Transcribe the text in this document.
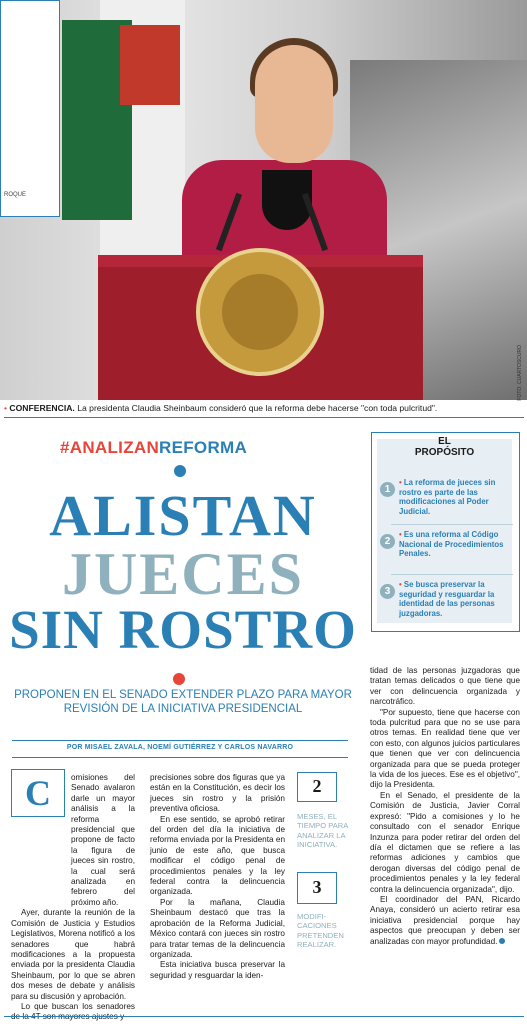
ROQUE
FOTO: CUARTOSCURO
• CONFERENCIA. La presidenta Claudia Sheinbaum consideró que la reforma debe hacerse "con toda pulcritud".
#ANALIZANREFORMA
ALISTAN
JUECES
SIN ROSTRO
PROPONEN EN EL SENADO EXTENDER PLAZO PARA MAYOR REVISIÓN DE LA INICIATIVA PRESIDENCIAL
POR MISAEL ZAVALA, NOEMÍ GUTIÉRREZ Y CARLOS NAVARRO
EL
PROPÓSITO
1
• La reforma de jueces sin rostro es parte de las modificaciones al Poder Judicial.
2
• Es una reforma al Código Nacional de Procedimientos Penales.
3
• Se busca preservar la seguridad y resguardar la identidad de las personas juzgadoras.
C	omisiones del Senado avalaron darle un mayor análisis a la reforma presidencial que propone de facto la figura de jueces sin rostro, la cual será analizada en febrero del próximo año.

Ayer, durante la reunión de la Comisión de Justicia y Estudios Legislativos, Morena notificó a los senadores que habrá modificaciones a la propuesta enviada por la presidenta Claudia Sheinbaum, por lo que se abren dos meses de debate y análisis para su discusión y aprobación.

Lo que buscan los senadores

precisiones sobre dos figuras que ya están en la Constitución, es decir los jueces sin rostro y la prisión preventiva oficiosa.

En ese sentido, se aprobó retirar del orden del día la iniciativa de reforma enviada por la Presidenta en junio de este año, que busca modificar el código penal de procedimientos penales y la ley federal contra la delincuencia organizada.

Por la mañana, Claudia Sheinbaum destacó que tras la aprobación de la Reforma Judicial, México contará con jueces sin rostro para tratar temas de la delincuencia organizada.

Esta iniciativa busca preservar la seguridad y resguardar la iden-

2
MESES, EL TIEMPO PARA ANALIZAR LA INICIATIVA.
3
MODIFI-CACIONES PRETENDEN REALIZAR.

tidad de las personas juzgadoras que tratan temas delicados o que tiene que ver con delincuencia organizada y narcotráfico.

"Por supuesto, tiene que hacerse con toda pulcritud para que no se use para otros temas. En realidad tiene que ver con esto, con algunos juicios particulares que tienen que ver con delincuencia organizada para que se pueda proteger la vida de los jueces. Ese es el objetivo", dijo la Presidenta.

En el Senado, el presidente de la Comisión de Justicia, Javier Corral expresó: "Pido a comisiones y lo he consultado con el senador Enrique Inzunza para poder retirar del orden del día el dictamen que se refiere a las reformas adiciones y cambios que derogan diversas del código penal de procedimientos penales y la ley federal contra la delincuencia organizada", dijo.

El coordinador del PAN, Ricardo Anaya, consideró un acierto retirar esa iniciativa presidencial porque hay aspectos que preocupan y deben ser analizadas con mayor profundidad.
